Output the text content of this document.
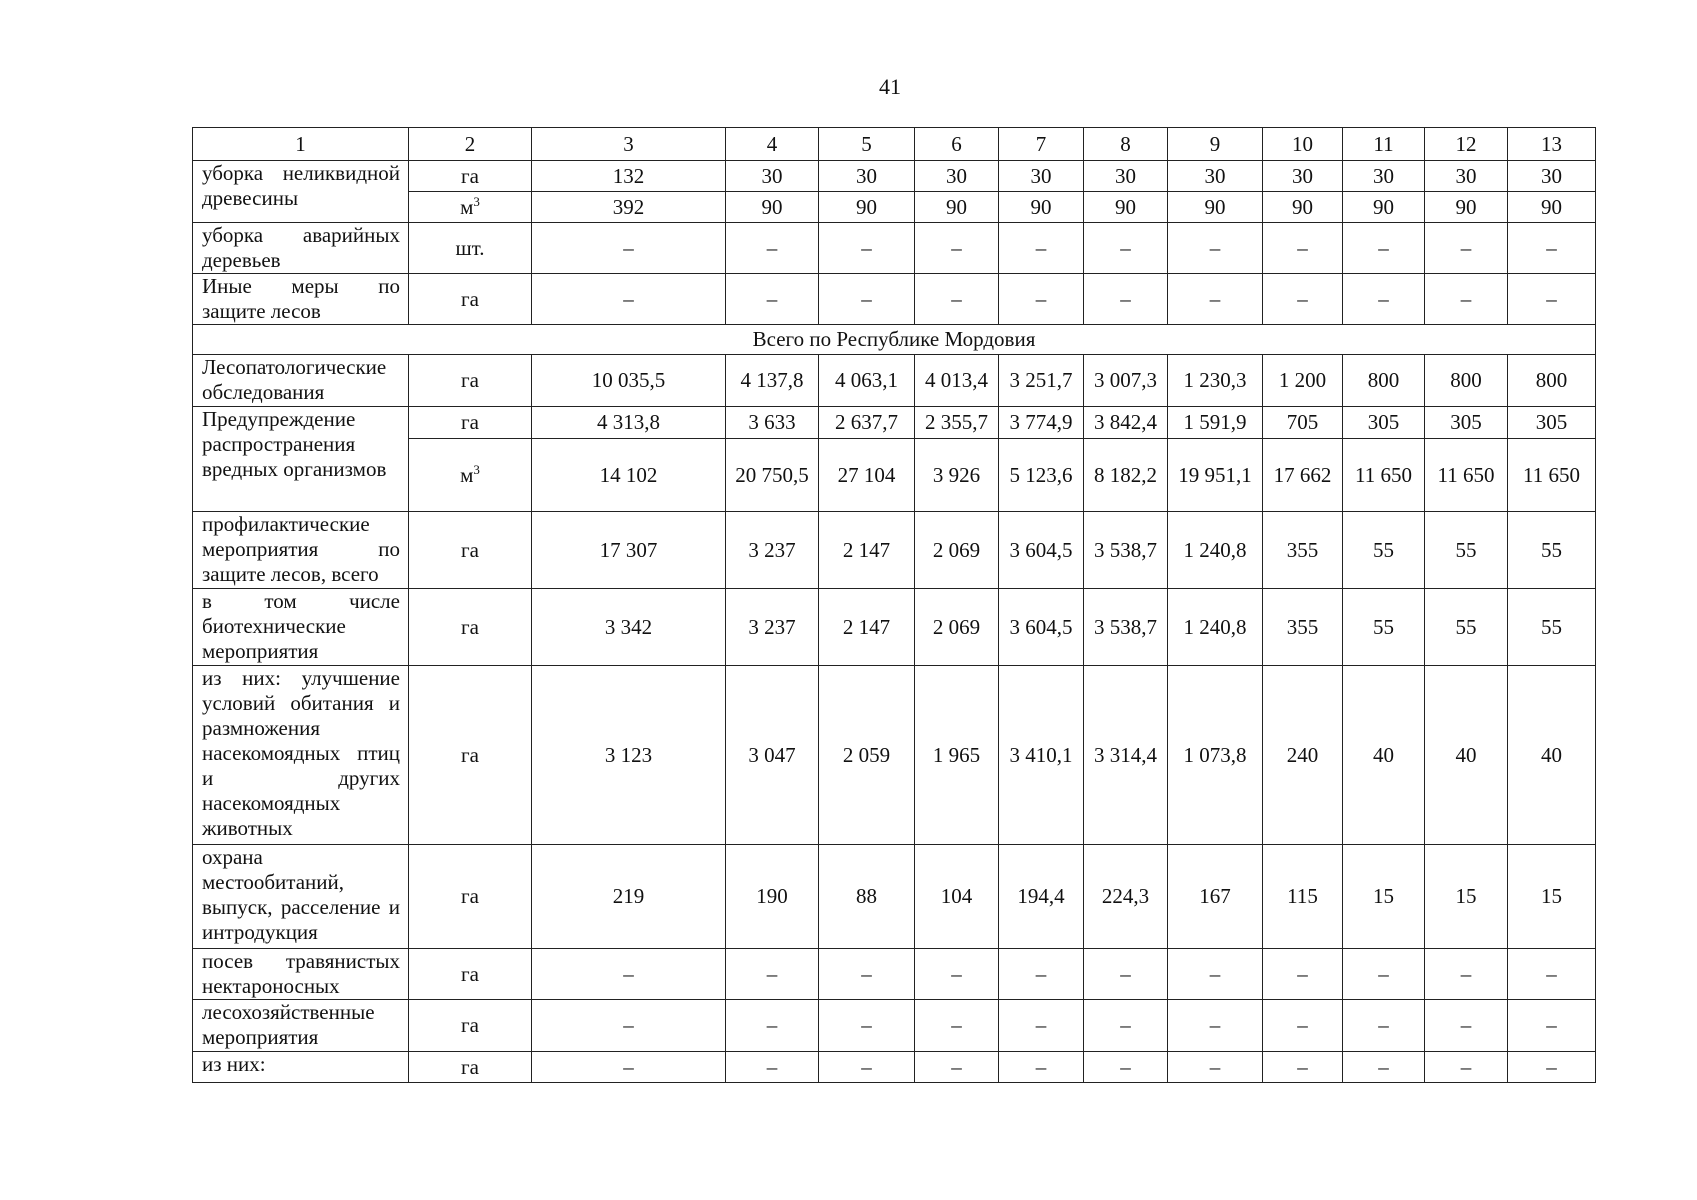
41
1	2	3	4	5	6	7	8	9	10	11	12	13
уборка неликвидной древесины	га	132	30	30	30	30	30	30	30	30	30	30
	$м^3$	392	90	90	90	90	90	90	90	90	90	90
уборка аварийных деревьев	шт.	–	–	–	–	–	–	–	–	–	–	–
Иные меры по защите лесов	га	–	–	–	–	–	–	–	–	–	–	–
Всего по Республике Мордовия												
Лесопатологические обследования	га	10 035,5	4 137,8	4 063,1	4 013,4	3 251,7	3 007,3	1 230,3	1 200	800	800	800
Предупреждение распространения вредных организмов	га	4 313,8	3 633	2 637,7	2 355,7	3 774,9	3 842,4	1 591,9	705	305	305	305
	$м^3$	14 102	20 750,5	27 104	3 926	5 123,6	8 182,2	19 951,1	17 662	11 650	11 650	11 650
профилактические мероприятия по защите лесов, всего	га	17 307	3 237	2 147	2 069	3 604,5	3 538,7	1 240,8	355	55	55	55
в том числе биотехнические мероприятия	га	3 342	3 237	2 147	2 069	3 604,5	3 538,7	1 240,8	355	55	55	55
из них: улучшение условий обитания и размножения насекомоядных птиц и других насекомоядных животных	га	3 123	3 047	2 059	1 965	3 410,1	3 314,4	1 073,8	240	40	40	40
охрана местообитаний, выпуск, расселение и интродукция	га	219	190	88	104	194,4	224,3	167	115	15	15	15
посев травянистых нектароносных	га	–	–	–	–	–	–	–	–	–	–	–
лесохозяйственные мероприятия	га	–	–	–	–	–	–	–	–	–	–	–
из них:	га	–	–	–	–	–	–	–	–	–	–	–
